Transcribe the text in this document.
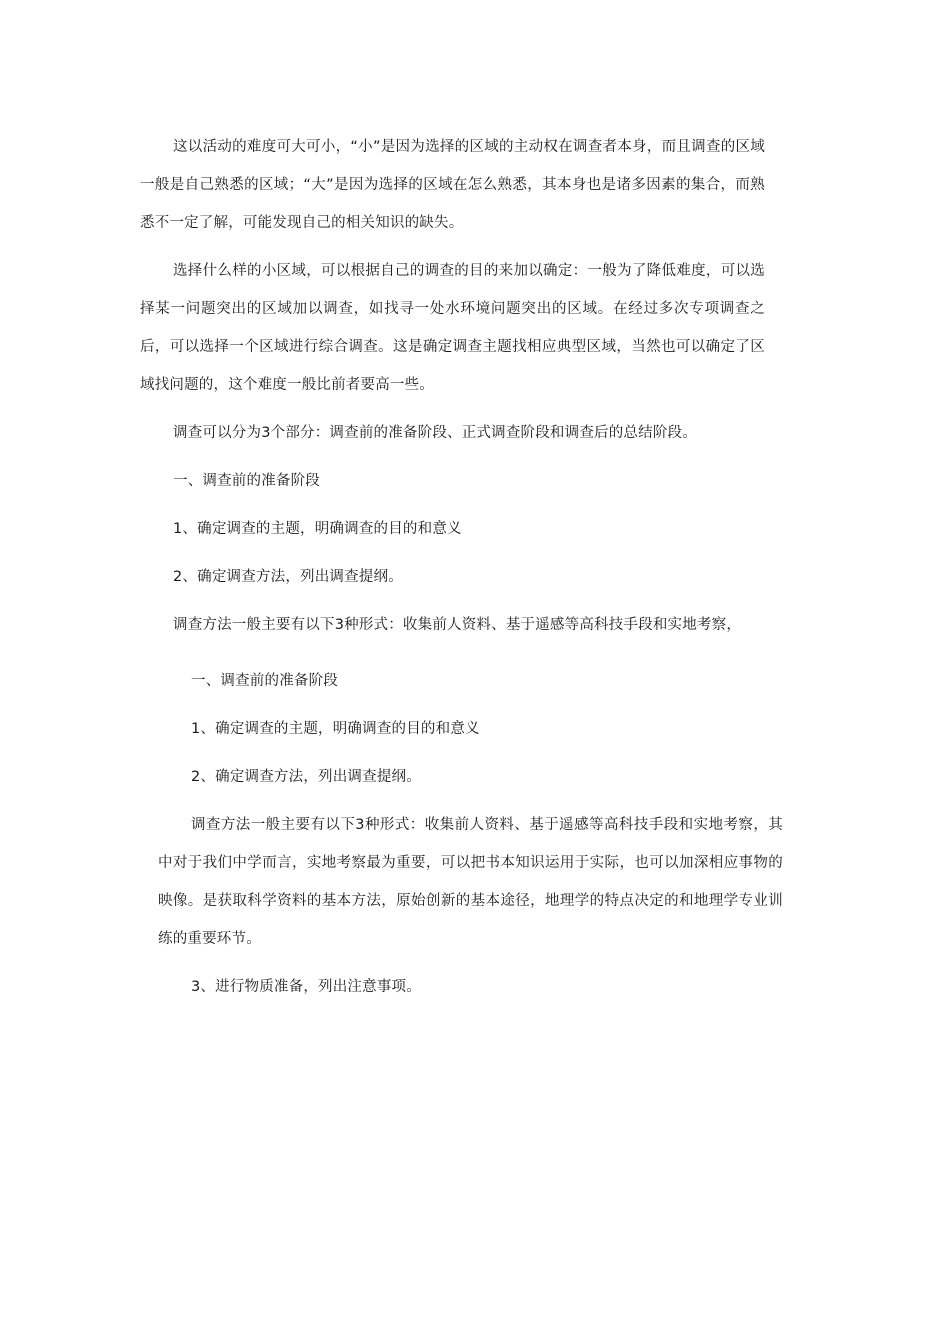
这以活动的难度可大可小，“小”是因为选择的区域的主动权在调查者本身，而且调查的区域一般是自己熟悉的区域；“大”是因为选择的区域在怎么熟悉，其本身也是诸多因素的集合，而熟悉不一定了解，可能发现自己的相关知识的缺失。

选择什么样的小区域，可以根据自己的调查的目的来加以确定：一般为了降低难度，可以选择某一问题突出的区域加以调查，如找寻一处水环境问题突出的区域。在经过多次专项调查之后，可以选择一个区域进行综合调查。这是确定调查主题找相应典型区域，当然也可以确定了区域找问题的，这个难度一般比前者要高一些。

调查可以分为3个部分：调查前的准备阶段、正式调查阶段和调查后的总结阶段。

一、调查前的准备阶段

1、确定调查的主题，明确调查的目的和意义

2、确定调查方法，列出调查提纲。

调查方法一般主要有以下3种形式：收集前人资料、基于遥感等高科技手段和实地考察，

一、调查前的准备阶段

1、确定调查的主题，明确调查的目的和意义

2、确定调查方法，列出调查提纲。

调查方法一般主要有以下3种形式：收集前人资料、基于遥感等高科技手段和实地考察，其中对于我们中学而言，实地考察最为重要，可以把书本知识运用于实际，也可以加深相应事物的映像。是获取科学资料的基本方法，原始创新的基本途径，地理学的特点决定的和地理学专业训练的重要环节。

3、进行物质准备，列出注意事项。
